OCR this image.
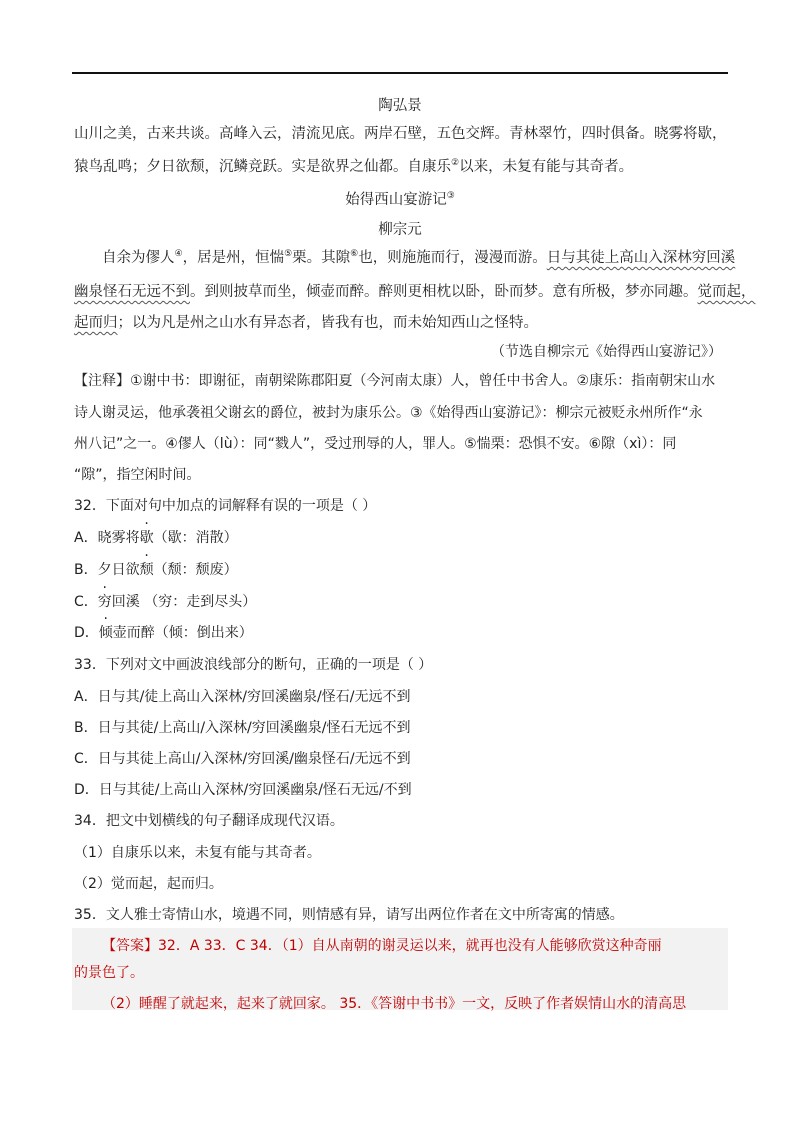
陶弘景
山川之美，古来共谈。高峰入云，清流见底。两岸石壁，五色交辉。青林翠竹，四时俱备。晓雾将歇，
猿鸟乱鸣；夕日欲颓，沉鳞竞跃。实是欲界之仙都。自康乐②以来，未复有能与其奇者。
始得西山宴游记③
柳宗元
自余为僇人④，居是州，恒惴⑤栗。其隙⑥也，则施施而行，漫漫而游。日与其徒上高山入深林穷回溪
幽泉怪石无远不到。到则披草而坐，倾壶而醉。醉则更相枕以卧，卧而梦。意有所极，梦亦同趣。觉而起，
起而归；以为凡是州之山水有异态者，皆我有也，而未始知西山之怪特。
（节选自柳宗元《始得西山宴游记》）
【注释】①谢中书：即谢征，南朝梁陈郡阳夏（今河南太康）人，曾任中书舍人。②康乐：指南朝宋山水
诗人谢灵运，他承袭祖父谢玄的爵位，被封为康乐公。③《始得西山宴游记》：柳宗元被贬永州所作“永
州八记”之一。④僇人（lù）：同“戮人”，受过刑辱的人，罪人。⑤惴栗：恐惧不安。⑥隙（xì）：同
“隙”，指空闲时间。
32．下面对句中加点的词解释有误的一项是（ ）
A．晓雾将歇（歇：消散）
B．夕日欲颓（颓：颓废）
C．穷回溪 （穷：走到尽头）
D．倾壶而醉（倾：倒出来）
33．下列对文中画波浪线部分的断句，正确的一项是（ ）
A．日与其/徒上高山入深林/穷回溪幽泉/怪石/无远不到
B．日与其徒/上高山/入深林/穷回溪幽泉/怪石无远不到
C．日与其徒上高山/入深林/穷回溪/幽泉怪石/无远不到
D．日与其徒/上高山入深林/穷回溪幽泉/怪石无远/不到
34．把文中划横线的句子翻译成现代汉语。
（1）自康乐以来，未复有能与其奇者。
（2）觉而起，起而归。
35．文人雅士寄情山水，境遇不同，则情感有异，请写出两位作者在文中所寄寓的情感。
【答案】32．A 33．C 34．（1）自从南朝的谢灵运以来，就再也没有人能够欣赏这种奇丽
的景色了。
（2）睡醒了就起来，起来了就回家。 35．《答谢中书书》一文，反映了作者娱情山水的清高思
